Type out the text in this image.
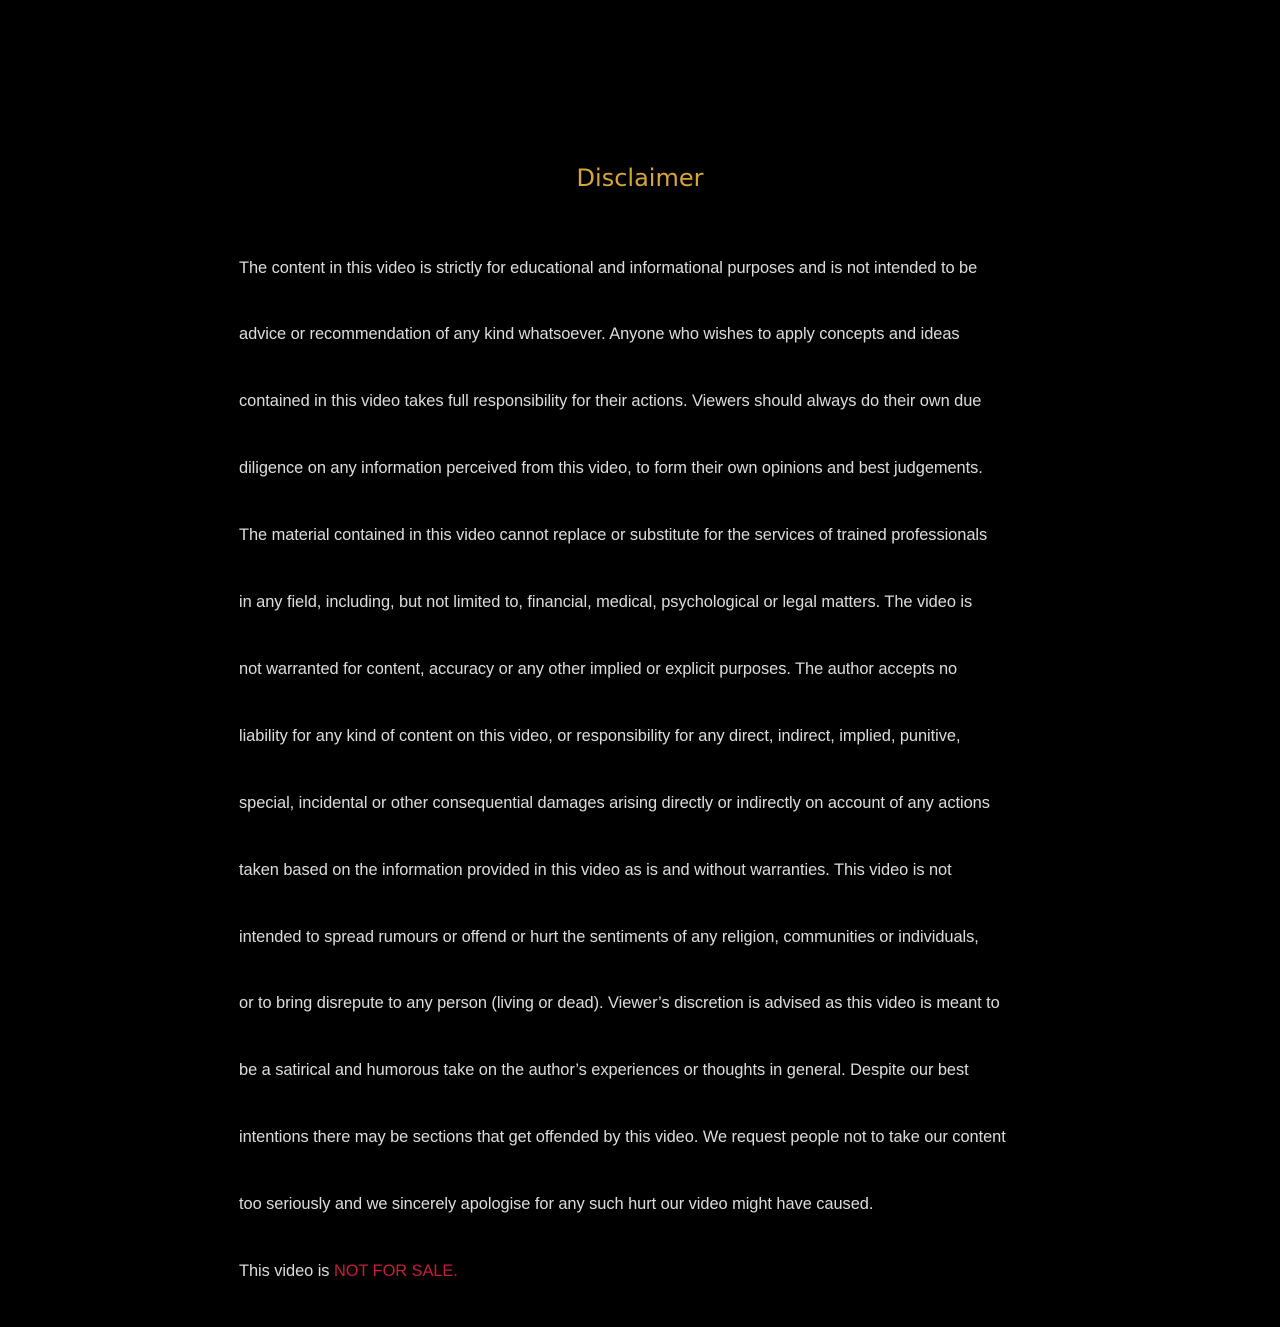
Disclaimer

The content in this video is strictly for educational and informational purposes and is not intended to be

advice or recommendation of any kind whatsoever. Anyone who wishes to apply concepts and ideas

contained in this video takes full responsibility for their actions. Viewers should always do their own due

diligence on any information perceived from this video, to form their own opinions and best judgements.

The material contained in this video cannot replace or substitute for the services of trained professionals

in any field, including, but not limited to, financial, medical, psychological or legal matters. The video is

not warranted for content, accuracy or any other implied or explicit purposes. The author accepts no

liability for any kind of content on this video, or responsibility for any direct, indirect, implied, punitive,

special, incidental or other consequential damages arising directly or indirectly on account of any actions

taken based on the information provided in this video as is and without warranties. This video is not

intended to spread rumours or offend or hurt the sentiments of any religion, communities or individuals,

or to bring disrepute to any person (living or dead). Viewer’s discretion is advised as this video is meant to

be a satirical and humorous take on the author’s experiences or thoughts in general. Despite our best

intentions there may be sections that get offended by this video. We request people not to take our content

too seriously and we sincerely apologise for any such hurt our video might have caused.

This video is NOT FOR SALE.
